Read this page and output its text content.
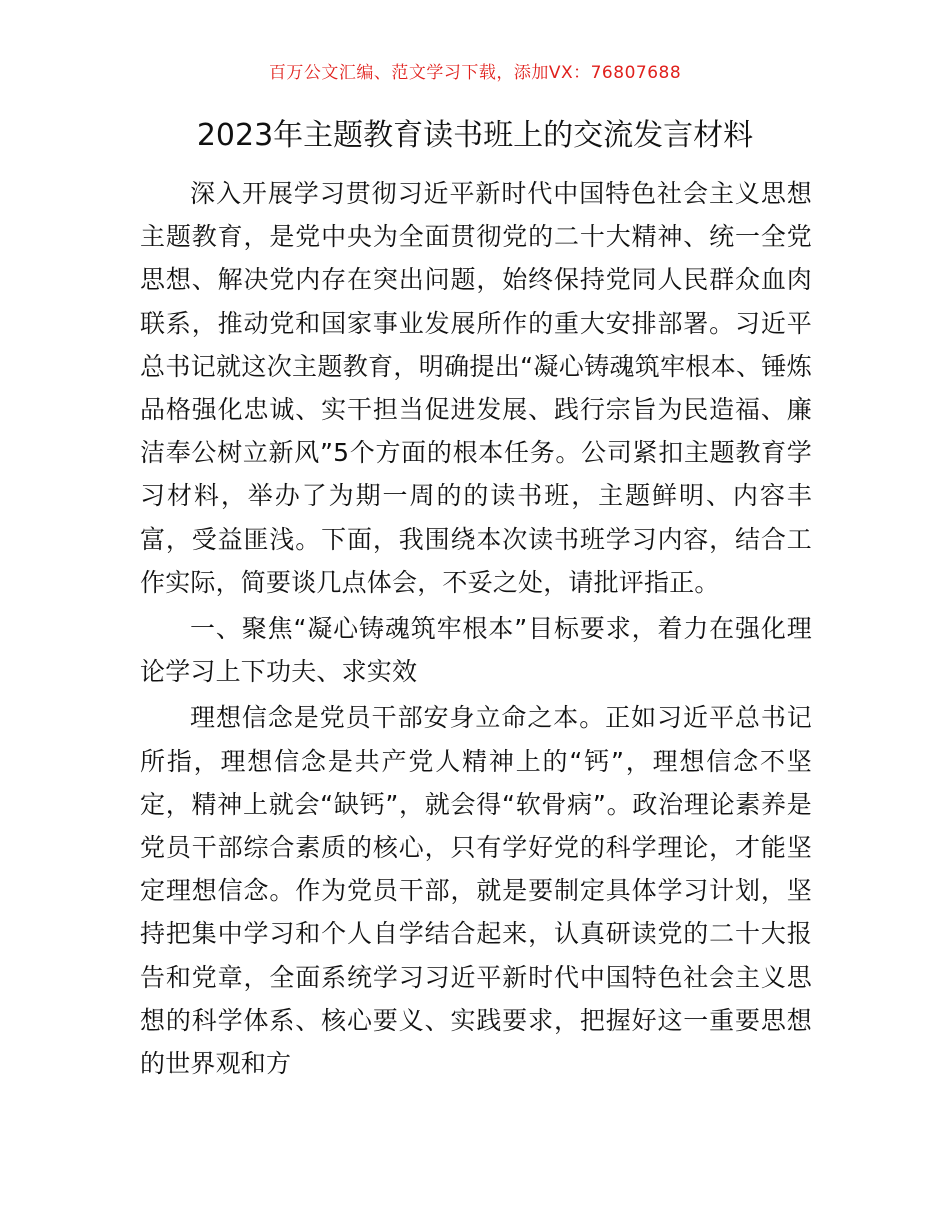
百万公文汇编、范文学习下载，添加VX：76807688
2023年主题教育读书班上的交流发言材料

深入开展学习贯彻习近平新时代中国特色社会主义思想主题教育，是党中央为全面贯彻党的二十大精神、统一全党思想、解决党内存在突出问题，始终保持党同人民群众血肉联系，推动党和国家事业发展所作的重大安排部署。习近平总书记就这次主题教育，明确提出“凝心铸魂筑牢根本、锤炼品格强化忠诚、实干担当促进发展、践行宗旨为民造福、廉洁奉公树立新风”5个方面的根本任务。公司紧扣主题教育学习材料，举办了为期一周的的读书班，主题鲜明、内容丰富，受益匪浅。下面，我围绕本次读书班学习内容，结合工作实际，简要谈几点体会，不妥之处，请批评指正。

一、聚焦“凝心铸魂筑牢根本”目标要求，着力在强化理论学习上下功夫、求实效

理想信念是党员干部安身立命之本。正如习近平总书记所指，理想信念是共产党人精神上的“钙”，理想信念不坚定，精神上就会“缺钙”，就会得“软骨病”。政治理论素养是党员干部综合素质的核心，只有学好党的科学理论，才能坚定理想信念。作为党员干部，就是要制定具体学习计划，坚持把集中学习和个人自学结合起来，认真研读党的二十大报告和党章，全面系统学习习近平新时代中国特色社会主义思想的科学体系、核心要义、实践要求，把握好这一重要思想的世界观和方
